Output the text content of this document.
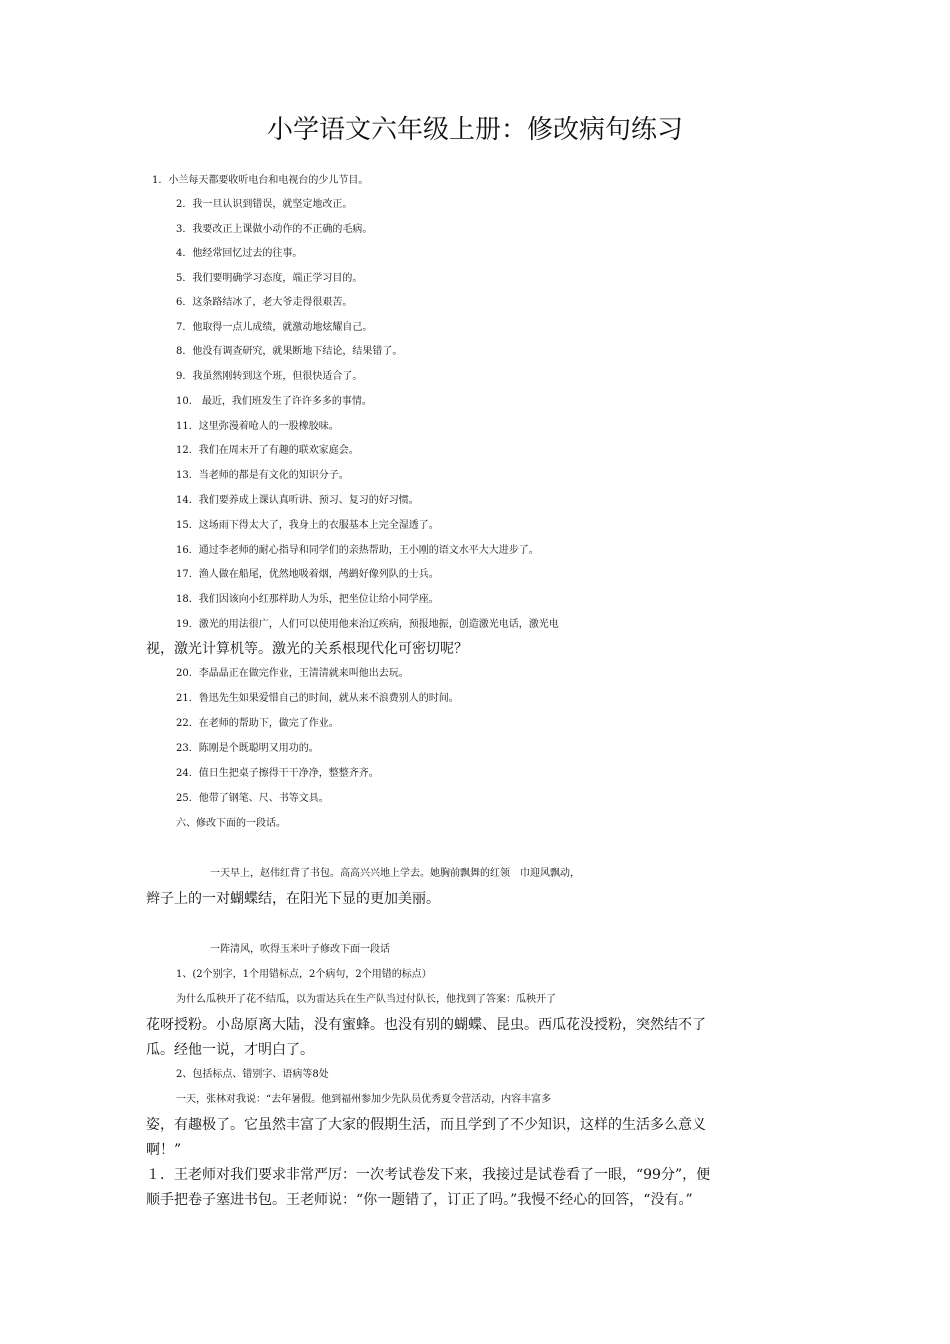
小学语文六年级上册：修改病句练习
1．小兰每天都要收听电台和电视台的少儿节目。
2．我一旦认识到错误，就坚定地改正。
3．我要改正上课做小动作的不正确的毛病。
4．他经常回忆过去的往事。
5．我们要明确学习态度，端正学习目的。
6．这条路结冰了，老大爷走得很艰苦。
7．他取得一点儿成绩，就激动地炫耀自己。
8．他没有调查研究，就果断地下结论，结果错了。
9．我虽然刚转到这个班，但很快适合了。
10． 最近，我们班发生了许许多多的事情。
11．这里弥漫着呛人的一股橡胶味。
12．我们在周末开了有趣的联欢家庭会。
13．当老师的都是有文化的知识分子。
14．我们要养成上课认真听讲、预习、复习的好习惯。
15．这场雨下得太大了，我身上的衣服基本上完全湿透了。
16．通过李老师的耐心指导和同学们的亲热帮助，王小刚的语文水平大大进步了。
17．渔人做在船尾，优然地吸着烟，鸬鹚好像列队的士兵。
18．我们因该向小红那样助人为乐，把坐位让给小同学座。
19．激光的用法很广，人们可以使用他来治辽疾病，预报地振，创造激光电话，激光电
视，激光计算机等。激光的关系根现代化可密切呢？
20．李晶晶正在做完作业，王清清就来叫他出去玩。
21．鲁迅先生如果爱惜自己的时间，就从来不浪费别人的时间。
22．在老师的帮助下，做完了作业。
23．陈刚是个既聪明又用功的。
24．值日生把桌子擦得干干净净，整整齐齐。
25．他带了钢笔、尺、书等文具。
六、修改下面的一段话。
一天早上，赵伟红背了书包。高高兴兴地上学去。她胸前飘舞的红领　巾迎风飘动，
辫子上的一对蝴蝶结，在阳光下显的更加美丽。
一阵清风，吹得玉米叶子修改下面一段话
1、(2个别字，1个用错标点，2个病句，2个用错的标点）
为什么瓜秧开了花不结瓜，以为雷达兵在生产队当过付队长，他找到了答案：瓜秧开了
花呀授粉。小岛原离大陆，没有蜜蜂。也没有别的蝴蝶、昆虫。西瓜花没授粉，突然结不了
瓜。经他一说，才明白了。
2、包括标点、错别字、语病等8处
一天，张林对我说：“去年暑假。他到福州参加少先队员优秀夏令营活动，内容丰富多
姿，有趣极了。它虽然丰富了大家的假期生活，而且学到了不少知识，这样的生活多么意义
啊！”
１．王老师对我们要求非常严厉：一次考试卷发下来，我接过是试卷看了一眼，“99分”，便
顺手把卷子塞进书包。王老师说：“你一题错了，订正了吗。”我慢不经心的回答，“没有。”
